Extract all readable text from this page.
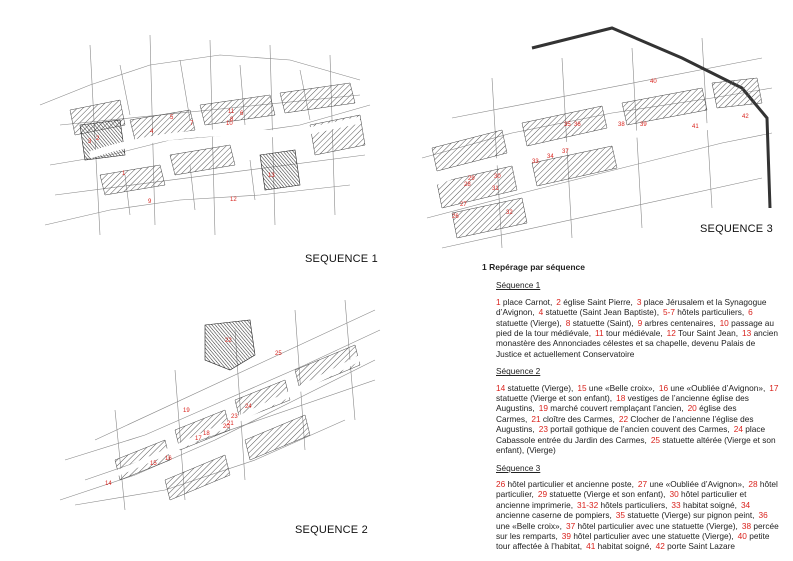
1
2
3
4
5
6
7
8
9
10
11
12
13
SEQUENCE 1
14
15
16
17
18
19
20
21
22
23
24
25
SEQUENCE 2
26
27
28
29	30
31
32
33
34
35 36
37
38	39
40
41
42
SEQUENCE 3
1 Repérage par séquence
Séquence 1
1 place Carnot, 2 église Saint Pierre, 3 place Jérusalem et la Synagogue d’Avignon, 4 statuette (Saint Jean Baptiste), 5-7 hôtels particuliers, 6 statuette (Vierge), 8 statuette (Saint), 9 arbres centenaires, 10 passage au pied de la tour médiévale, 11 tour médiévale, 12 Tour Saint Jean, 13 ancien monastère des Annonciades célestes et sa chapelle, devenu Palais de Justice et actuellement Conservatoire
Séquence 2
14 statuette (Vierge), 15 une «Belle croix», 16 une «Oubliée d’Avignon», 17 statuette (Vierge et son enfant), 18 vestiges de l’ancienne église des Augustins, 19 marché couvert remplaçant l’ancien, 20 église des Carmes, 21 cloître des Carmes, 22 Clocher de l’ancienne l’église des Augustins, 23 portail gothique de l’ancien couvent des Carmes, 24 place Cabassole entrée du Jardin des Carmes, 25 statuette altérée (Vierge et son enfant), (Vierge)
Séquence 3
26 hôtel particulier et ancienne poste, 27 une «Oubliée d’Avignon», 28 hôtel particulier, 29 statuette (Vierge et son enfant), 30 hôtel particulier et ancienne imprimerie, 31-32 hôtels particuliers, 33 habitat soigné, 34 ancienne caserne de pompiers, 35 statuette (Vierge) sur pignon peint, 36 une «Belle croix», 37 hôtel particulier avec une statuette (Vierge), 38 percée sur les remparts, 39 hôtel particulier avec une statuette (Vierge), 40 petite tour affectée à l’habitat, 41 habitat soigné, 42 porte Saint Lazare
